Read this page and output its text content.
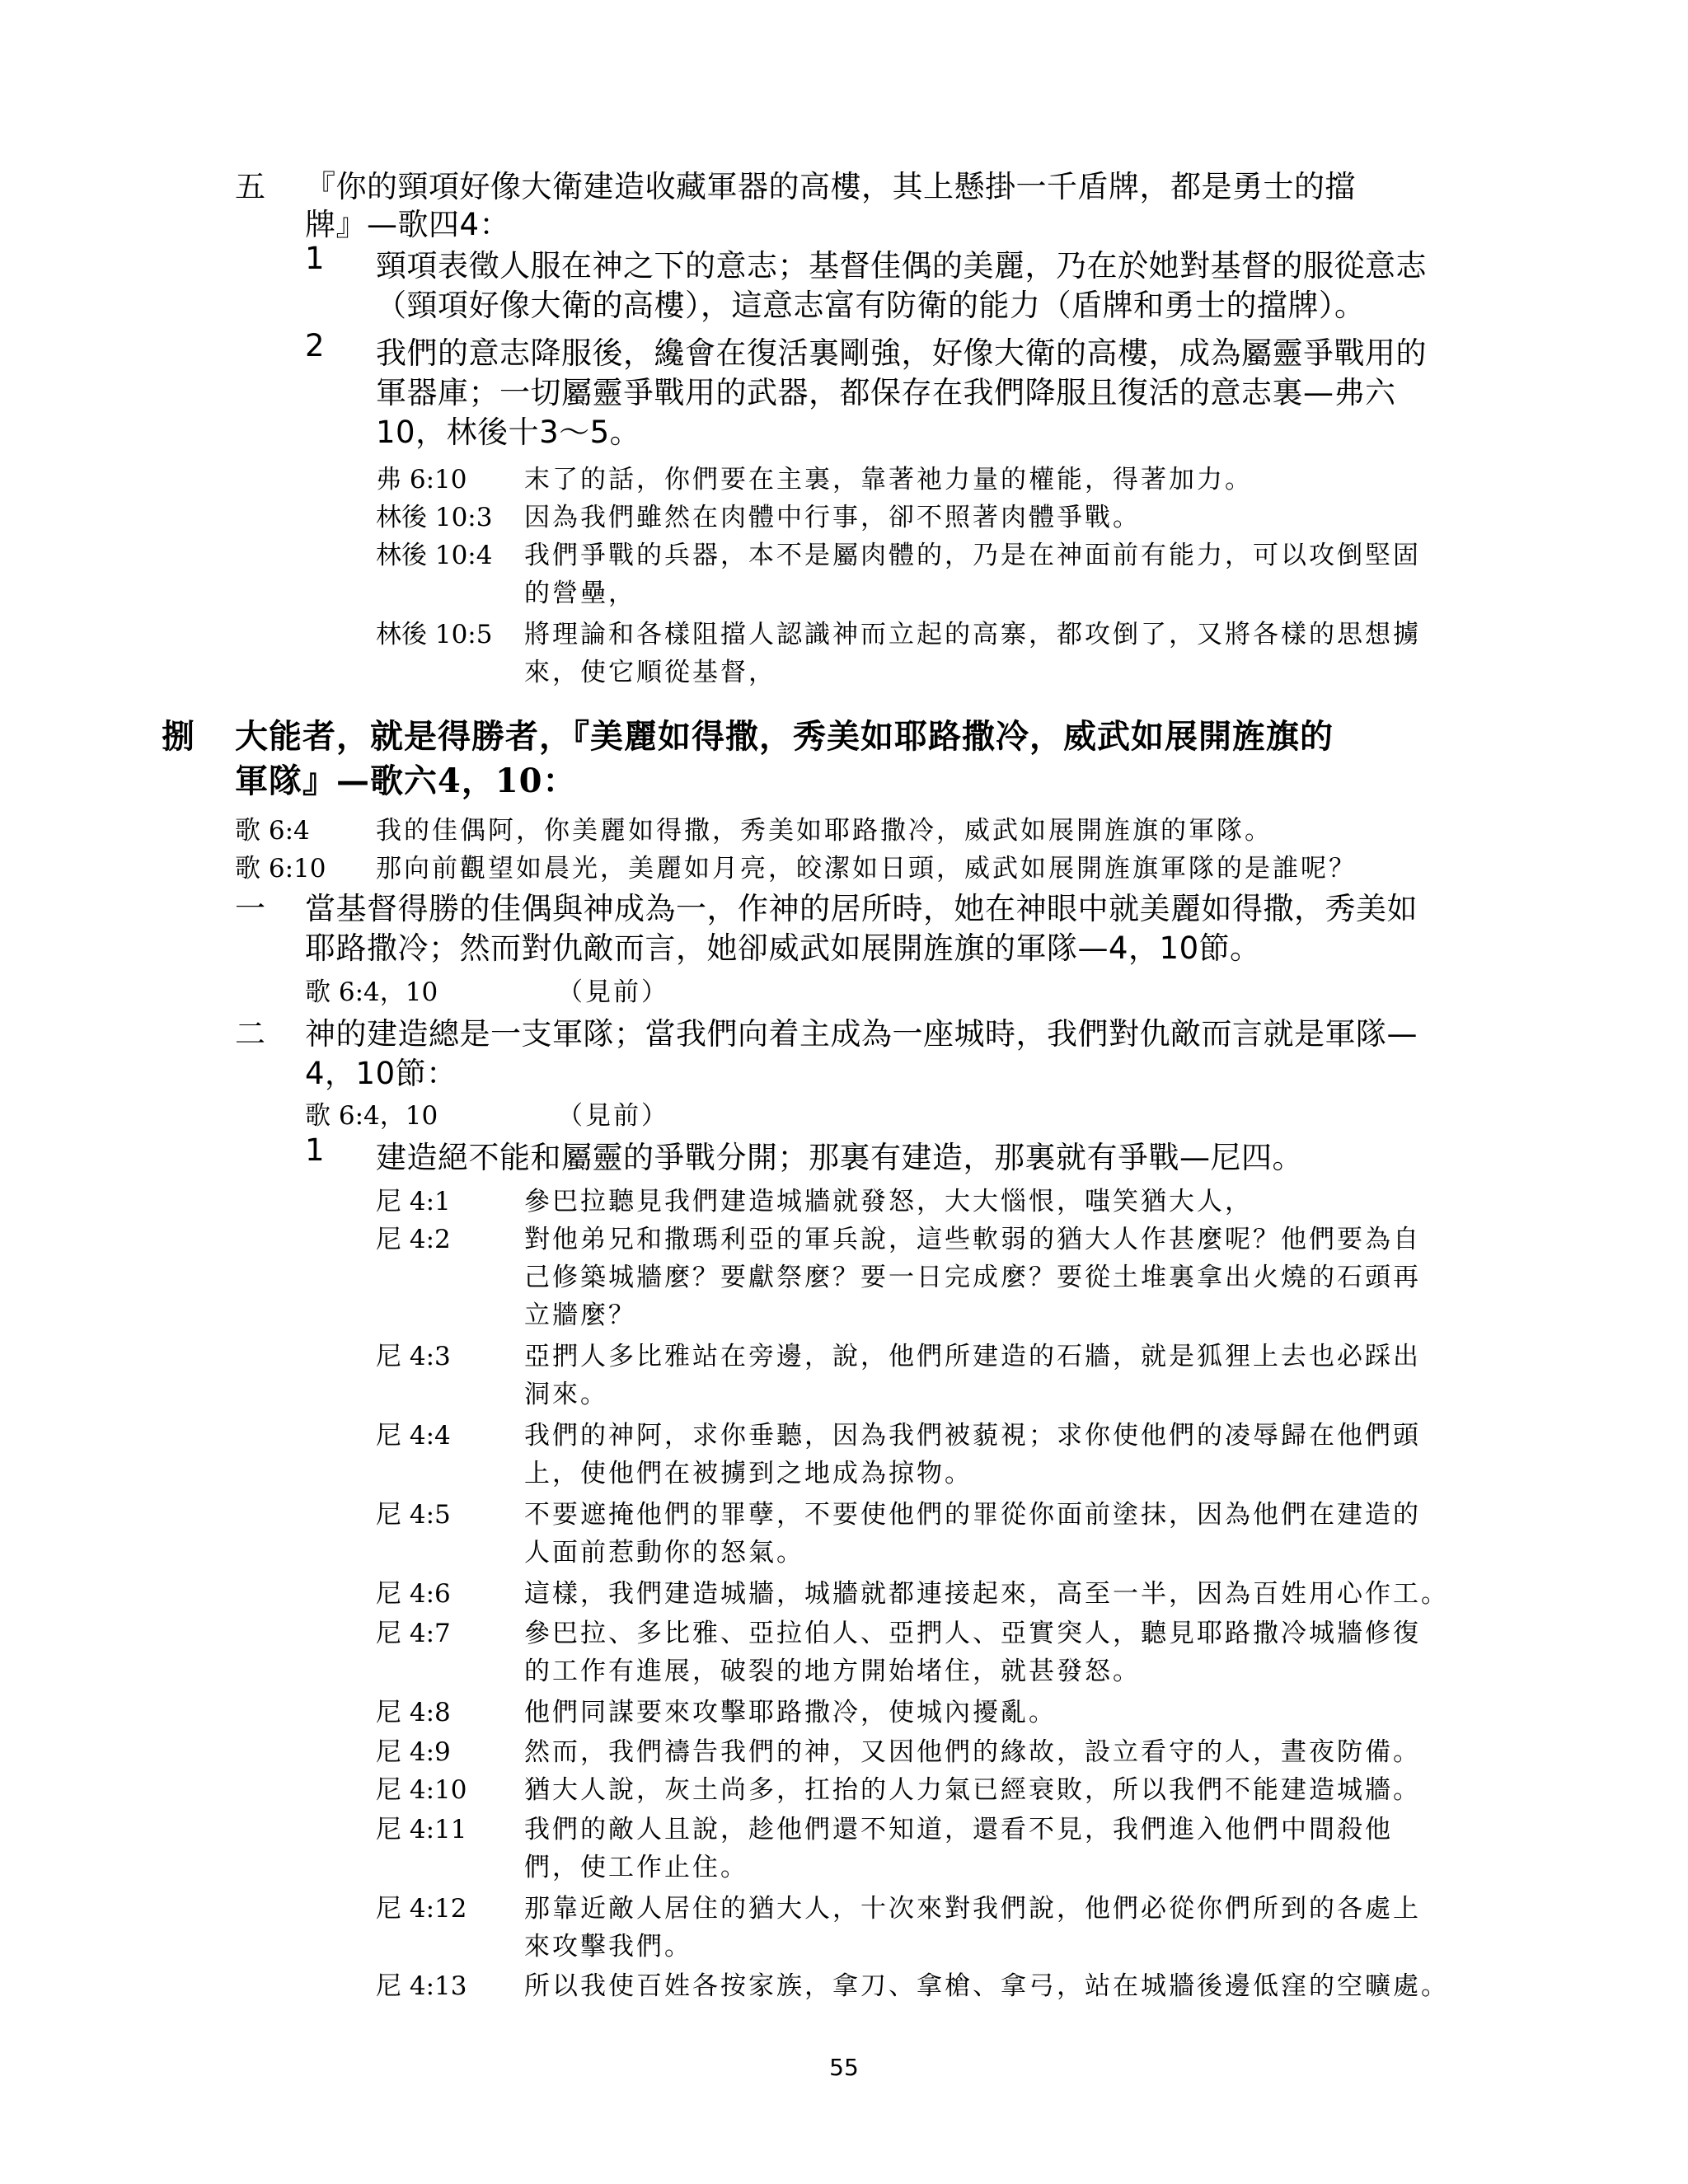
五 『你的頸項好像大衛建造收藏軍器的高樓，其上懸掛一千盾牌，都是勇士的擋
牌』—歌四4：
1 頸項表徵人服在神之下的意志；基督佳偶的美麗，乃在於她對基督的服從意志
（頸項好像大衛的高樓），這意志富有防衛的能力（盾牌和勇士的擋牌）。
2 我們的意志降服後，纔會在復活裏剛強，好像大衛的高樓，成為屬靈爭戰用的
軍器庫；一切屬靈爭戰用的武器，都保存在我們降服且復活的意志裏—弗六
10，林後十3～5。
弗 6:10 末了的話，你們要在主裏，靠著祂力量的權能，得著加力。
林後 10:3 因為我們雖然在肉體中行事，卻不照著肉體爭戰。
林後 10:4 我們爭戰的兵器，本不是屬肉體的，乃是在神面前有能力，可以攻倒堅固
的營壘，
林後 10:5 將理論和各樣阻擋人認識神而立起的高寨，都攻倒了，又將各樣的思想擄
來，使它順從基督，
捌 大能者，就是得勝者，『美麗如得撒，秀美如耶路撒冷，威武如展開旌旗的
軍隊』—歌六4，10：
歌 6:4	我的佳偶阿，你美麗如得撒，秀美如耶路撒冷，威武如展開旌旗的軍隊。
歌 6:10 那向前觀望如晨光，美麗如月亮，皎潔如日頭，威武如展開旌旗軍隊的是誰呢？
一 當基督得勝的佳偶與神成為一，作神的居所時，她在神眼中就美麗如得撒，秀美如
耶路撒冷；然而對仇敵而言，她卻威武如展開旌旗的軍隊—4，10節。
歌 6:4，10	（見前）
二 神的建造總是一支軍隊；當我們向着主成為一座城時，我們對仇敵而言就是軍隊—
4，10節：
歌 6:4，10	（見前）
1 建造絕不能和屬靈的爭戰分開；那裏有建造，那裏就有爭戰—尼四。
尼 4:1	參巴拉聽見我們建造城牆就發怒，大大惱恨，嗤笑猶大人，
尼 4:2	對他弟兄和撒瑪利亞的軍兵說，這些軟弱的猶大人作甚麼呢？他們要為自
己修築城牆麼？要獻祭麼？要一日完成麼？要從土堆裏拿出火燒的石頭再
立牆麼？
尼 4:3	亞捫人多比雅站在旁邊，說，他們所建造的石牆，就是狐狸上去也必踩出
洞來。
尼 4:4	我們的神阿，求你垂聽，因為我們被藐視；求你使他們的凌辱歸在他們頭
上，使他們在被擄到之地成為掠物。
尼 4:5	不要遮掩他們的罪孽，不要使他們的罪從你面前塗抹，因為他們在建造的
人面前惹動你的怒氣。
尼 4:6	這樣，我們建造城牆，城牆就都連接起來，高至一半，因為百姓用心作工。
尼 4:7	參巴拉、多比雅、亞拉伯人、亞捫人、亞實突人，聽見耶路撒冷城牆修復
的工作有進展，破裂的地方開始堵住，就甚發怒。
尼 4:8	他們同謀要來攻擊耶路撒冷，使城內擾亂。
尼 4:9	然而，我們禱告我們的神，又因他們的緣故，設立看守的人，晝夜防備。
尼 4:10 猶大人說，灰土尚多，扛抬的人力氣已經衰敗，所以我們不能建造城牆。
尼 4:11 我們的敵人且說，趁他們還不知道，還看不見，我們進入他們中間殺他
們，使工作止住。
尼 4:12 那靠近敵人居住的猶大人，十次來對我們說，他們必從你們所到的各處上
來攻擊我們。
尼 4:13 所以我使百姓各按家族，拿刀、拿槍、拿弓，站在城牆後邊低窪的空曠處。
55
